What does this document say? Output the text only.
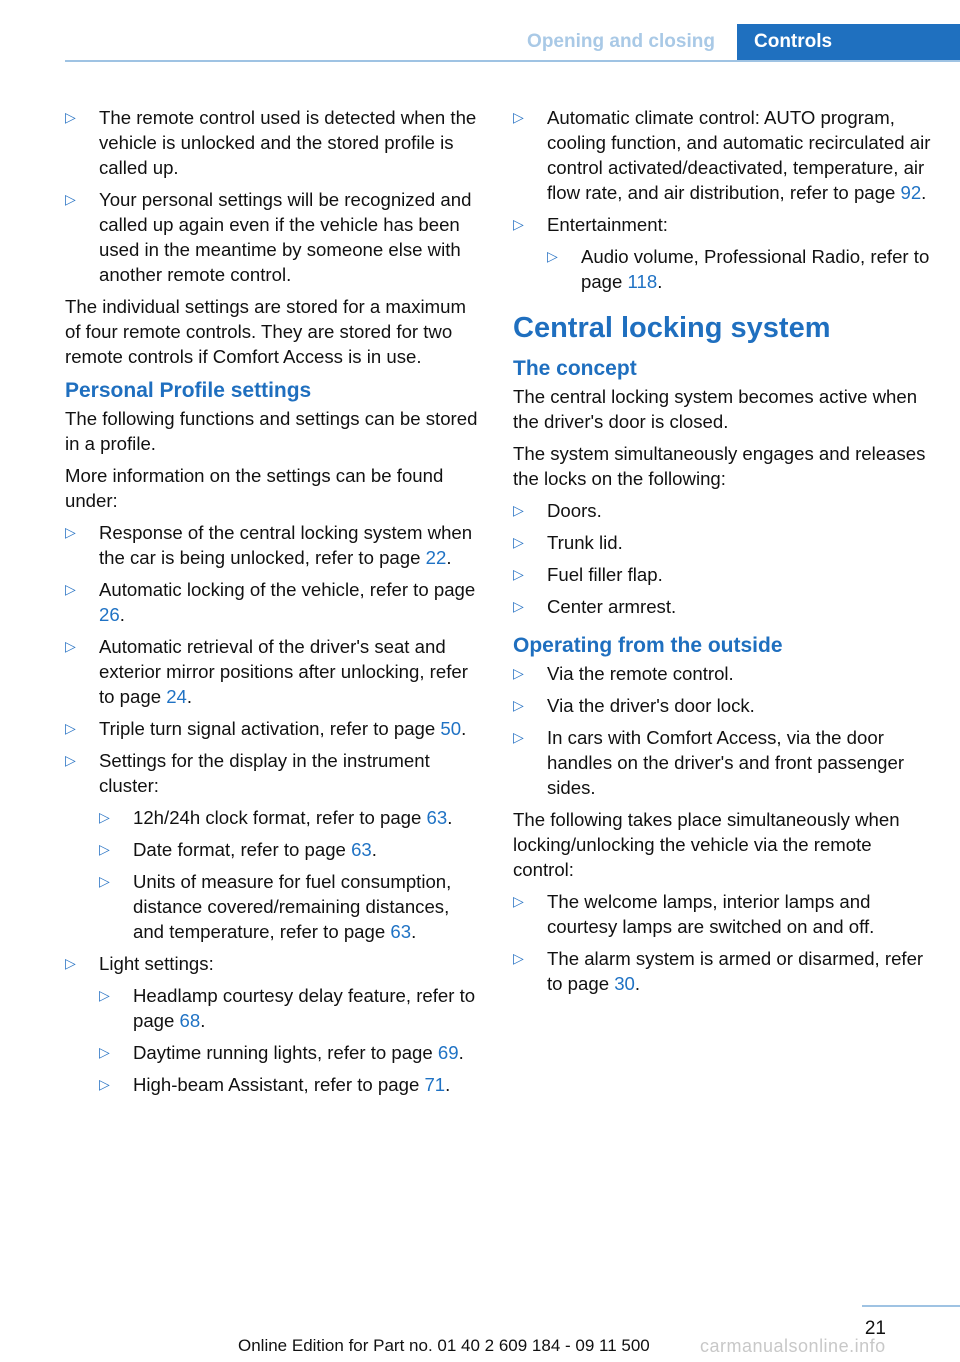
Opening and closing	Controls
▷ The remote control used is detected when the vehicle is unlocked and the stored profile is called up.
▷ Your personal settings will be recognized and called up again even if the vehicle has been used in the meantime by someone else with another remote control.

The individual settings are stored for a maximum of four remote controls. They are stored for two remote controls if Comfort Access is in use.

Personal Profile settings

The following functions and settings can be stored in a profile.

More information on the settings can be found under:

▷ Response of the central locking system when the car is being unlocked, refer to page 22.
▷ Automatic locking of the vehicle, refer to page 26.
▷ Automatic retrieval of the driver's seat and exterior mirror positions after unlocking, refer to page 24.
▷ Triple turn signal activation, refer to page 50.
▷ Settings for the display in the instrument cluster:
▷ 12h/24h clock format, refer to page 63.
▷ Date format, refer to page 63.
▷ Units of measure for fuel consumption, distance covered/remaining distances, and temperature, refer to page 63.
▷ Light settings:
▷ Headlamp courtesy delay feature, refer to page 68.
▷ Daytime running lights, refer to page 69.
▷ High-beam Assistant, refer to page 71.
▷ Automatic climate control: AUTO program, cooling function, and automatic recirculated air control activated/deactivated, temperature, air flow rate, and air distribution, refer to page 92.
▷ Entertainment:
▷ Audio volume, Professional Radio, refer to page 118.
Central locking system
The concept

The central locking system becomes active when the driver's door is closed.

The system simultaneously engages and releases the locks on the following:

▷ Doors.
▷ Trunk lid.
▷ Fuel filler flap.
▷ Center armrest.
Operating from the outside
▷ Via the remote control.
▷ Via the driver's door lock.
▷ In cars with Comfort Access, via the door handles on the driver's and front passenger sides.

The following takes place simultaneously when locking/unlocking the vehicle via the remote control:

▷ The welcome lamps, interior lamps and courtesy lamps are switched on and off.
▷ The alarm system is armed or disarmed, refer to page 30.
21
Online Edition for Part no. 01 40 2 609 184 - 09 11 500	carmanualsonline.info
